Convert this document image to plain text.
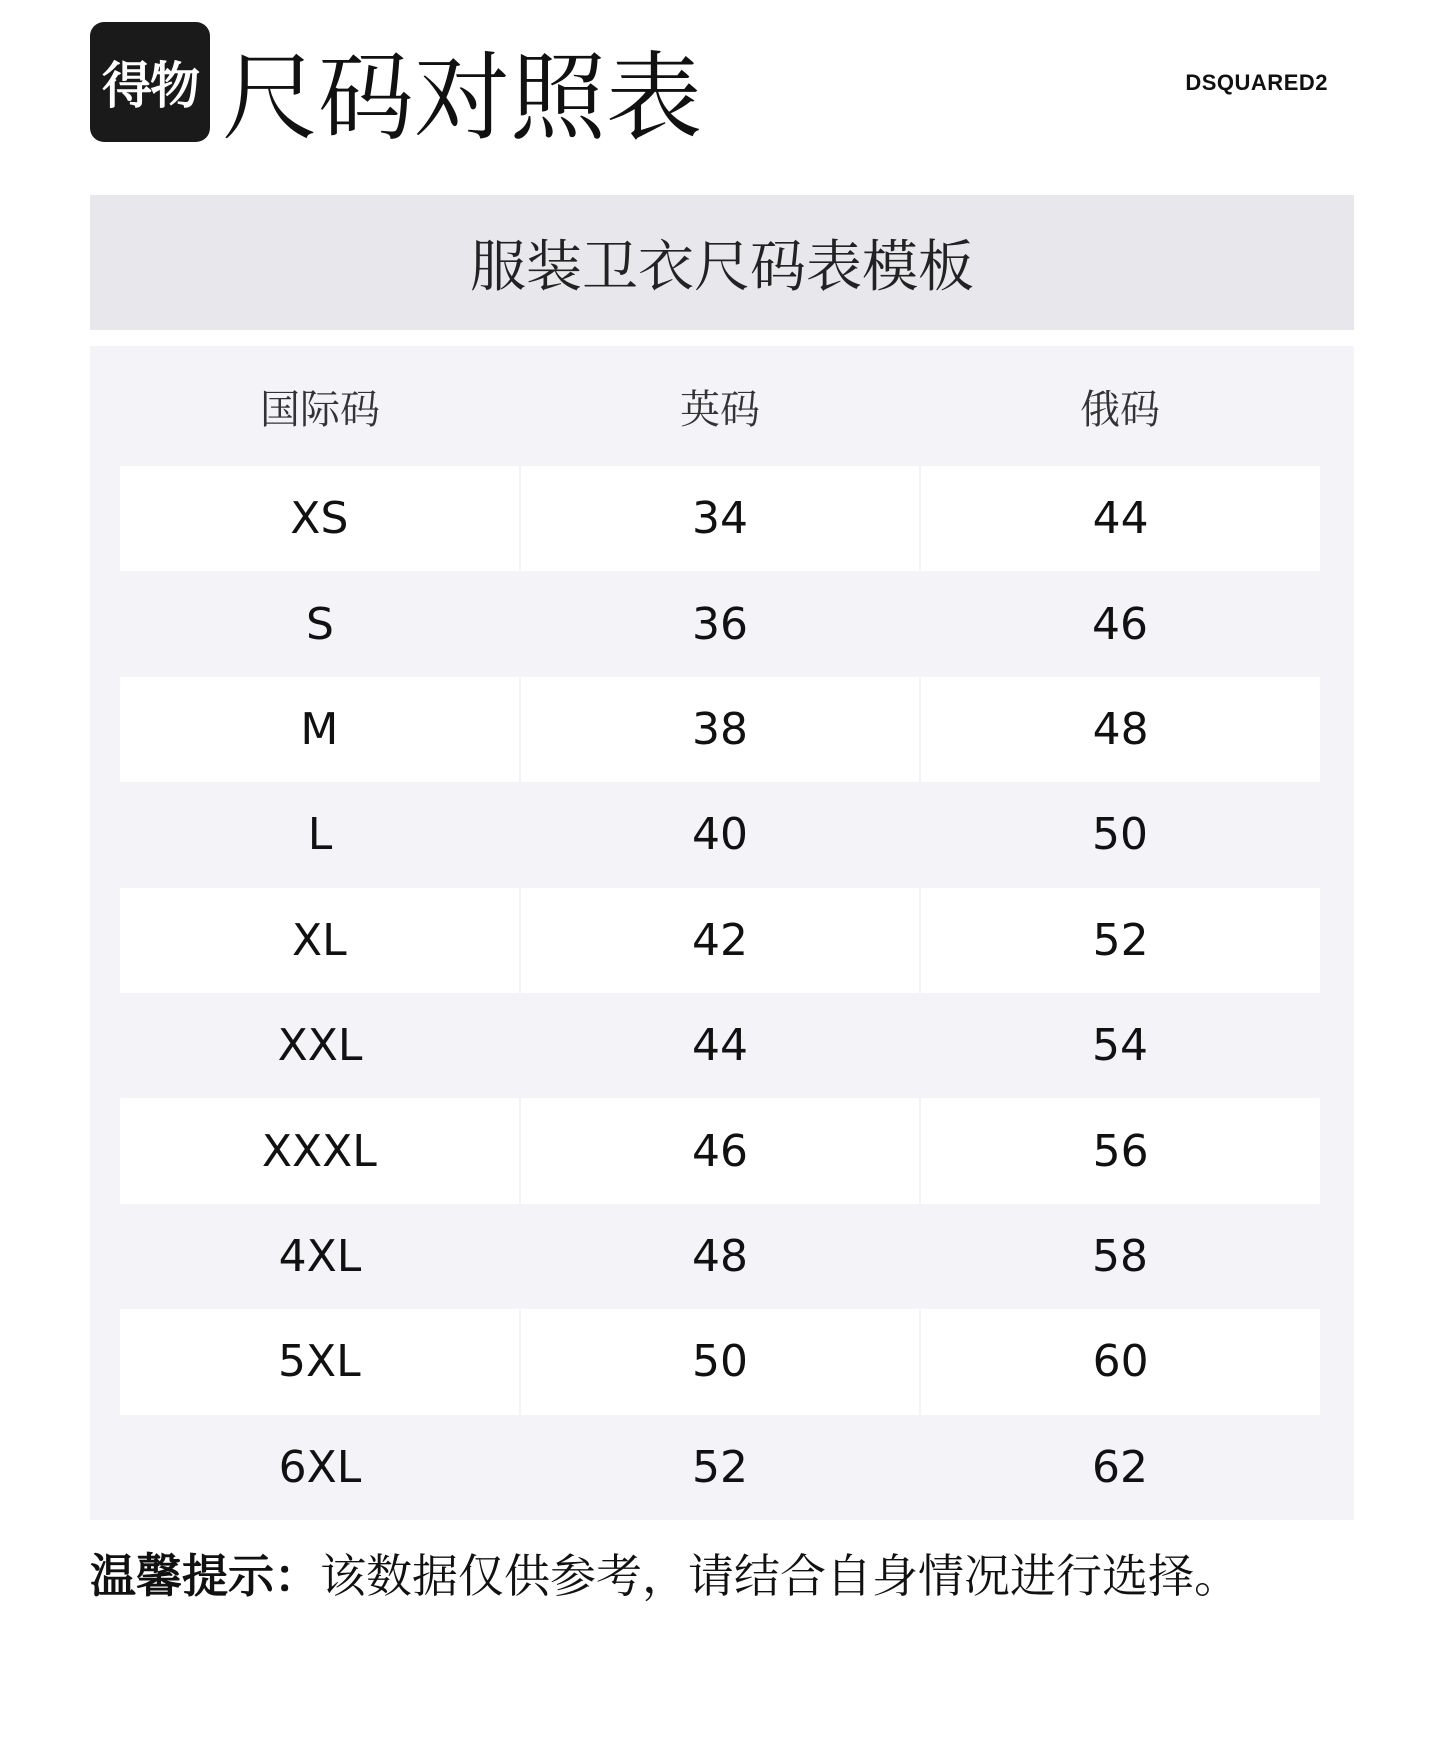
得物 尺码对照表	DSQUARED2
服装卫衣尺码表模板
国际码	英码	俄码
XS	34	44
S	36	46
M	38	48
L	40	50
XL	42	52
XXL	44	54
XXXL	46	56
4XL	48	58
5XL	50	60
6XL	52	62
温馨提示：该数据仅供参考，请结合自身情况进行选择。
